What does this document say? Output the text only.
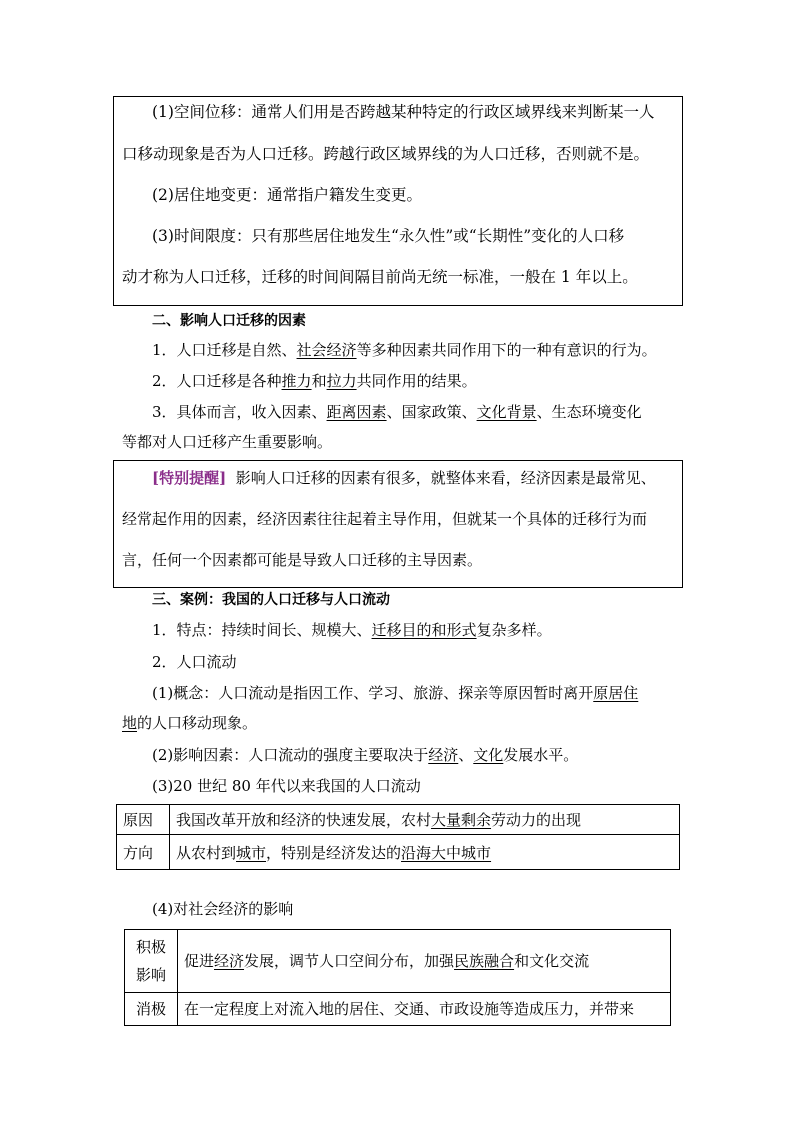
(1)空间位移：通常人们用是否跨越某种特定的行政区域界线来判断某一人
口移动现象是否为人口迁移。跨越行政区域界线的为人口迁移，否则就不是。
(2)居住地变更：通常指户籍发生变更。
(3)时间限度：只有那些居住地发生“永久性”或“长期性”变化的人口移
动才称为人口迁移，迁移的时间间隔目前尚无统一标准，一般在 1 年以上。
二、影响人口迁移的因素
1．人口迁移是自然、社会经济等多种因素共同作用下的一种有意识的行为。
2．人口迁移是各种推力和拉力共同作用的结果。
3．具体而言，收入因素、距离因素、国家政策、文化背景、生态环境变化
等都对人口迁移产生重要影响。
[特别提醒] 影响人口迁移的因素有很多，就整体来看，经济因素是最常见、
经常起作用的因素，经济因素往往起着主导作用，但就某一个具体的迁移行为而
言，任何一个因素都可能是导致人口迁移的主导因素。
三、案例：我国的人口迁移与人口流动
1．特点：持续时间长、规模大、迁移目的和形式复杂多样。
2．人口流动
(1)概念：人口流动是指因工作、学习、旅游、探亲等原因暂时离开原居住
地的人口移动现象。
(2)影响因素：人口流动的强度主要取决于经济、文化发展水平。
(3)20 世纪 80 年代以来我国的人口流动
原因	我国改革开放和经济的快速发展，农村大量剩余劳动力的出现
方向	从农村到城市，特别是经济发达的沿海大中城市
(4)对社会经济的影响
积极
影响	促进经济发展，调节人口空间分布，加强民族融合和文化交流
消极	在一定程度上对流入地的居住、交通、市政设施等造成压力，并带来
